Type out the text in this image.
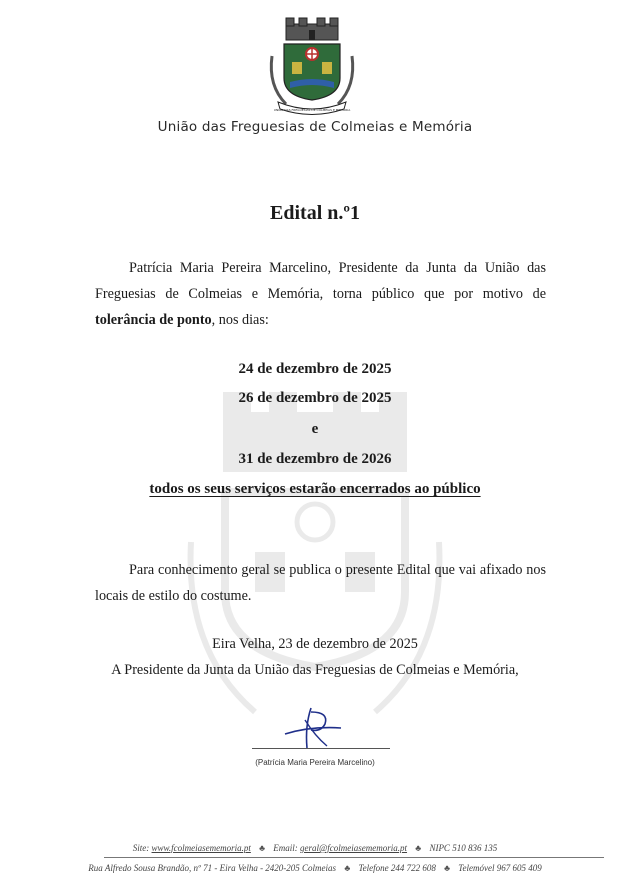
UNIÃO DAS FREGUESIAS DE COLMEIAS E MEMÓRIA
União das Freguesias de Colmeias e Memória
Edital n.º1
Patrícia Maria Pereira Marcelino, Presidente da Junta da União das Freguesias de Colmeias e Memória, torna público que por motivo de tolerância de ponto, nos dias:
24 de dezembro de 2025
26 de dezembro de 2025
e
31 de dezembro de 2026
todos os seus serviços estarão encerrados ao público
Para conhecimento geral se publica o presente Edital que vai afixado nos locais de estilo do costume.
Eira Velha, 23 de dezembro de 2025
A Presidente da Junta da União das Freguesias de Colmeias e Memória,
(Patrícia Maria Pereira Marcelino)
Site: www.fcolmeiasememoria.pt ♣ Email: geral@fcolmeiasememoria.pt ♣ NIPC 510 836 135
Rua Alfredo Sousa Brandão, nº 71 - Eira Velha - 2420-205 Colmeias ♣ Telefone 244 722 608 ♣ Telemóvel 967 605 409
